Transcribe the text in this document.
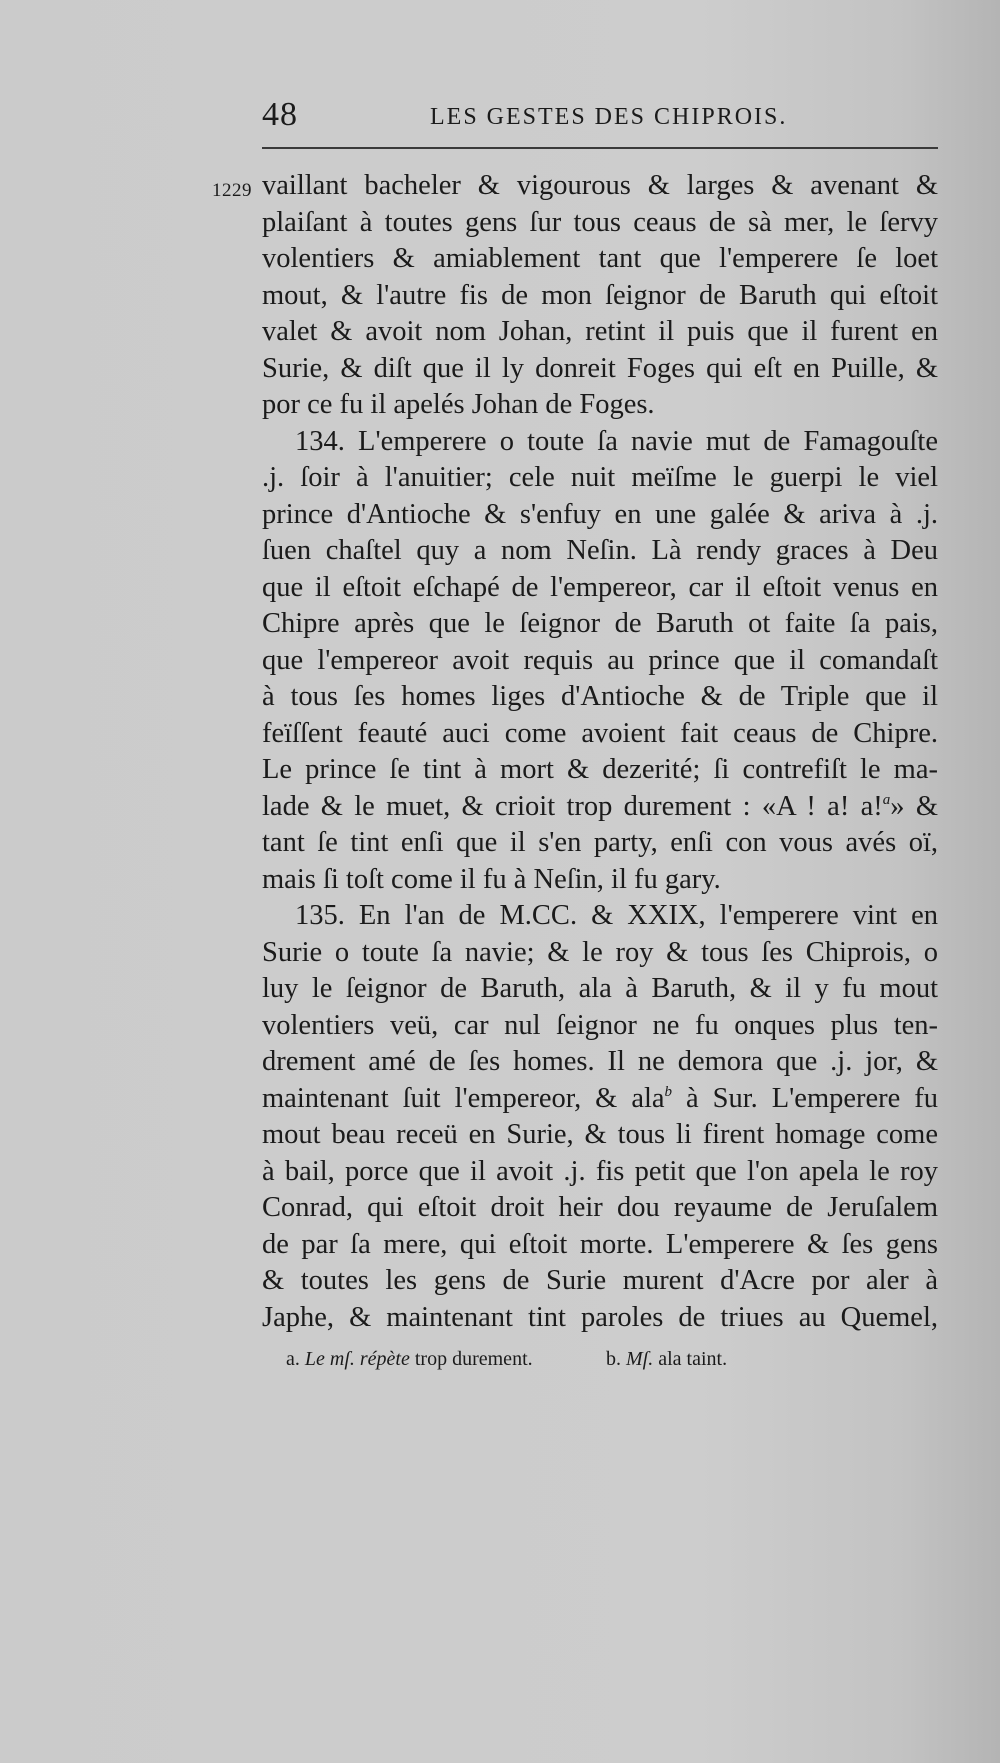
48	LES GESTES DES CHIPROIS.
1229 vaillant bacheler & vigourous & larges & avenant &
plaiſant à toutes gens ſur tous ceaus de sà mer, le ſervy
volentiers & amiablement tant que l'emperere ſe loet
mout, & l'autre fis de mon ſeignor de Baruth qui eſtoit
valet & avoit nom Johan, retint il puis que il furent en
Surie, & diſt que il ly donreit Foges qui eſt en Puille, &
por ce fu il apelés Johan de Foges.
134. L'emperere o toute ſa navie mut de Famagouſte
.j. ſoir à l'anuitier; cele nuit meïſme le guerpi le viel
prince d'Antioche & s'enfuy en une galée & ariva à .j.
ſuen chaſtel quy a nom Neſin. Là rendy graces à Deu
que il eſtoit eſchapé de l'empereor, car il eſtoit venus en
Chipre après que le ſeignor de Baruth ot faite ſa pais,
que l'empereor avoit requis au prince que il comandaſt
à tous ſes homes liges d'Antioche & de Triple que il
feïſſent feauté auci come avoient fait ceaus de Chipre.
Le prince ſe tint à mort & dezerité; ſi contrefiſt le ma-
lade & le muet, & crioit trop durement : «A ! a! a!$^a$» &
tant ſe tint enſi que il s'en party, enſi con vous avés oï,
mais ſi toſt come il fu à Neſin, il fu gary.
135. En l'an de M.CC. & XXIX, l'emperere vint en
Surie o toute ſa navie; & le roy & tous ſes Chiprois, o
luy le ſeignor de Baruth, ala à Baruth, & il y fu mout
volentiers veü, car nul ſeignor ne fu onques plus ten-
drement amé de ſes homes. Il ne demora que .j. jor, &
maintenant ſuit l'empereor, & ala$^b$ à Sur. L'emperere fu
mout beau receü en Surie, & tous li firent homage come
à bail, porce que il avoit .j. fis petit que l'on apela le roy
Conrad, qui eſtoit droit heir dou reyaume de Jeruſalem
de par ſa mere, qui eſtoit morte. L'emperere & ſes gens
& toutes les gens de Surie murent d'Acre por aler à
Japhe, & maintenant tint paroles de triues au Quemel,
a. Le mſ. répète trop durement.	b. Mſ. ala taint.
